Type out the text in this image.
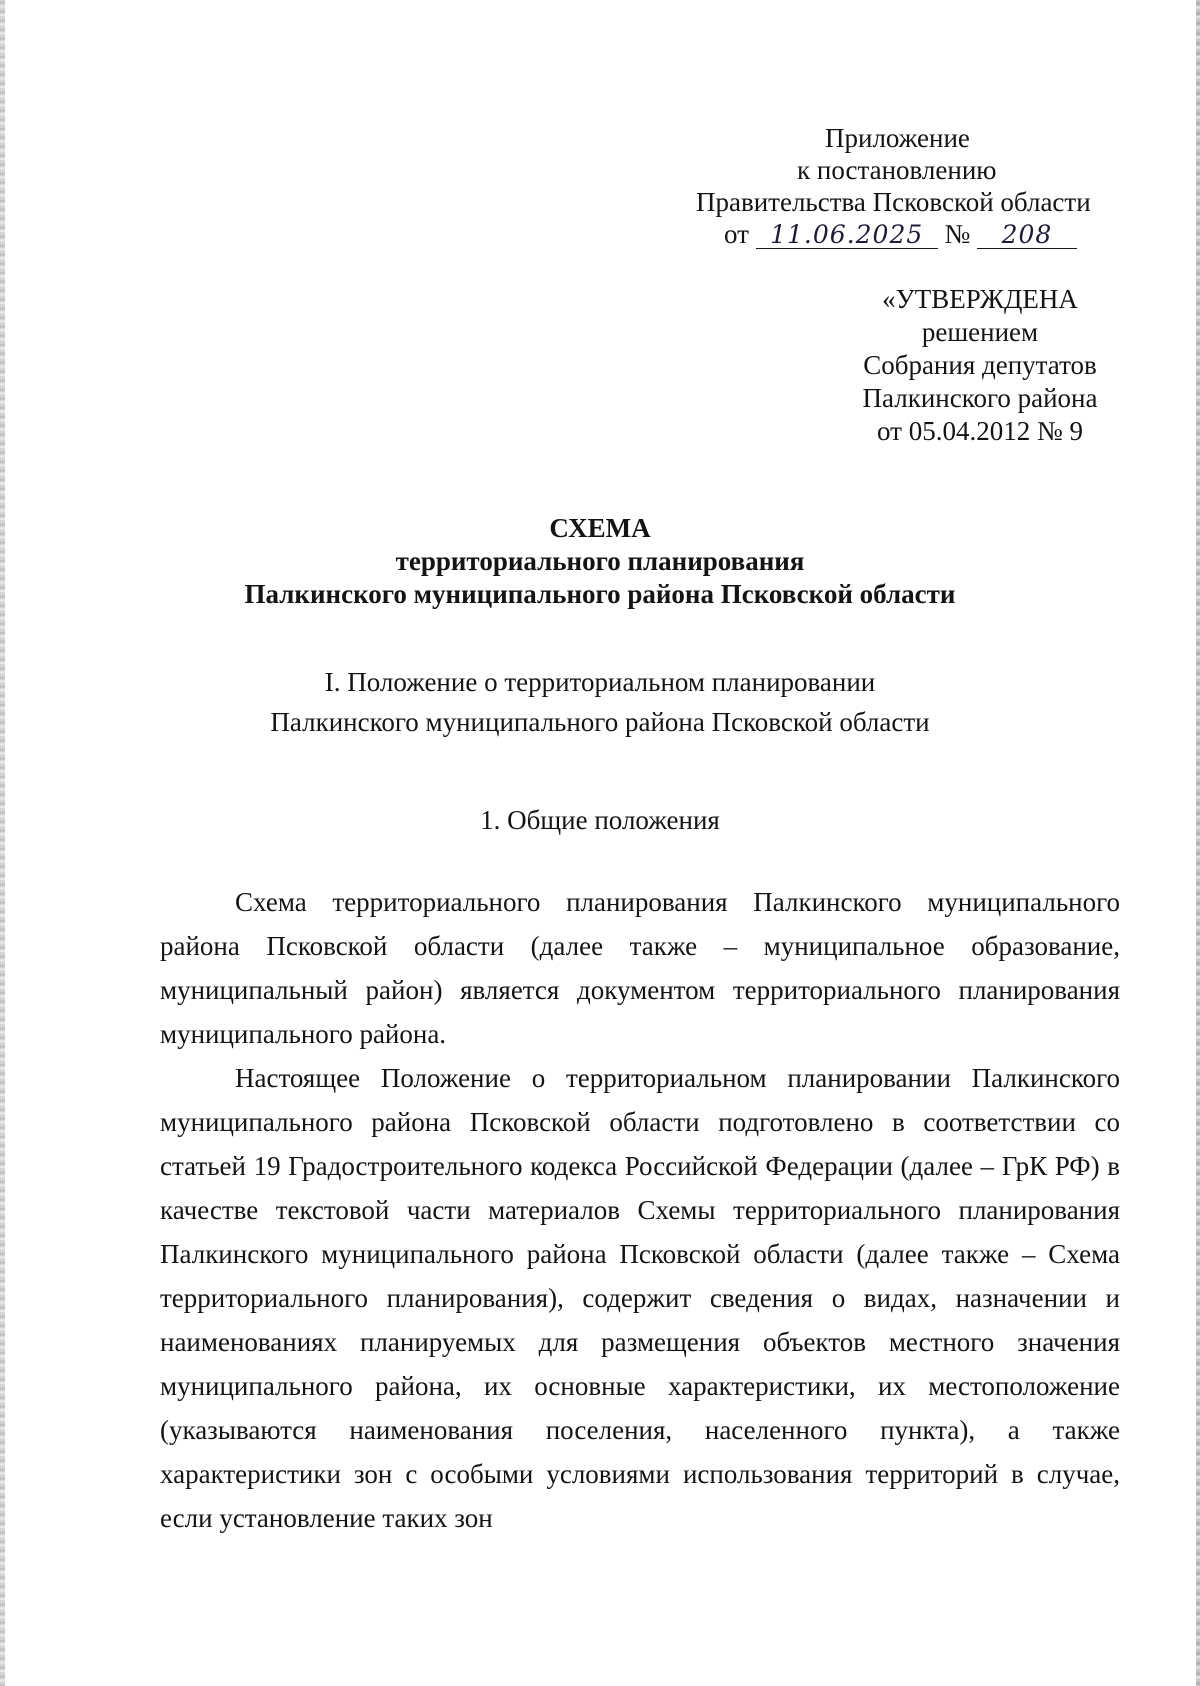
Приложение
к постановлению
Правительства Псковской области
от 11.06.2025 № 208
«УТВЕРЖДЕНА
решением
Собрания депутатов
Палкинского района
от 05.04.2012 № 9
СХЕМА
территориального планирования
Палкинского муниципального района Псковской области
I. Положение о территориальном планировании
Палкинского муниципального района Псковской области
1. Общие положения

Схема территориального планирования Палкинского муниципального района Псковской области (далее также – муниципальное образование, муниципальный район) является документом территориального планирования муниципального района.

Настоящее Положение о территориальном планировании Палкинского муниципального района Псковской области подготовлено в соответствии со статьей 19 Градостроительного кодекса Российской Федерации (далее – ГрК РФ) в качестве текстовой части материалов Схемы территориального планирования Палкинского муниципального района Псковской области (далее также – Схема территориального планирования), содержит сведения о видах, назначении и наименованиях планируемых для размещения объектов местного значения муниципального района, их основные характеристики, их местоположение (указываются наименования поселения, населенного пункта), а также характеристики зон с особыми условиями использования территорий в случае, если установление таких зон
